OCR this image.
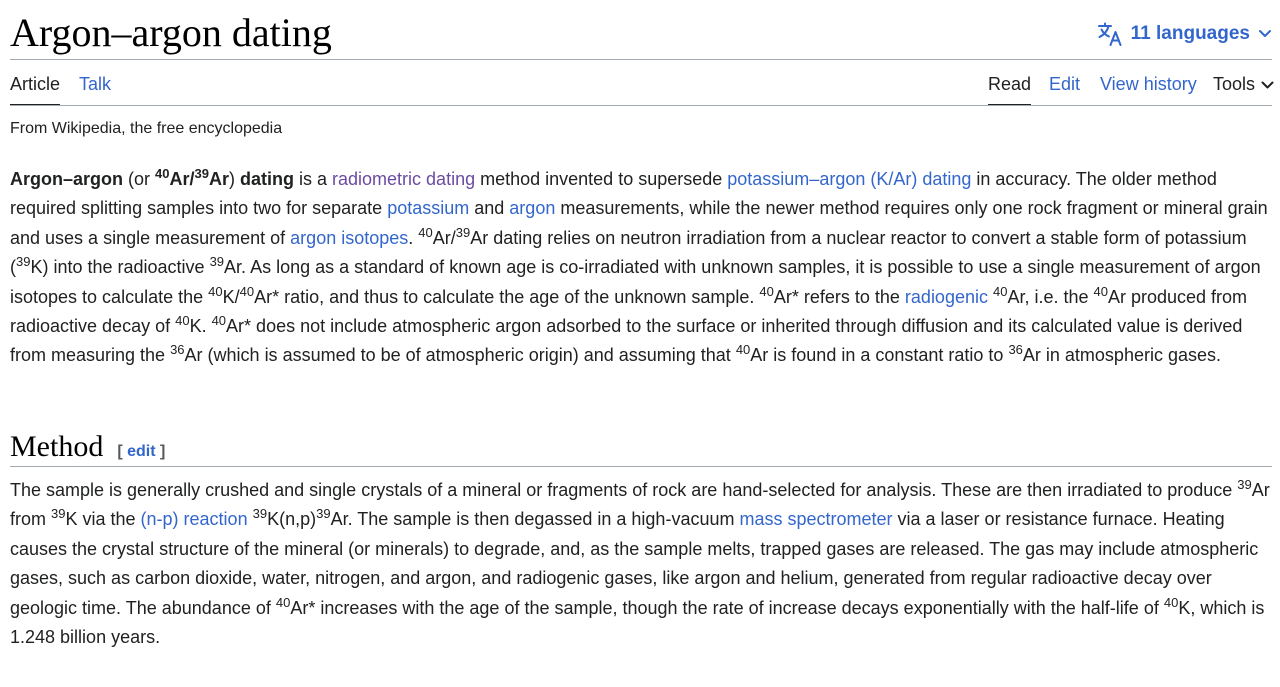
Argon–argon dating	11 languages
Article Talk	Read Edit View history Tools
From Wikipedia, the free encyclopedia

Argon–argon (or $^{40}$Ar/$^{39}$Ar) dating is a radiometric dating method invented to supersede potassium–argon (K/Ar) dating in accuracy. The older method required splitting samples into two for separate potassium and argon measurements, while the newer method requires only one rock fragment or mineral grain and uses a single measurement of argon isotopes. $^{40}$Ar/$^{39}$Ar dating relies on neutron irradiation from a nuclear reactor to convert a stable form of potassium ($^{39}$K) into the radioactive $^{39}$Ar. As long as a standard of known age is co-irradiated with unknown samples, it is possible to use a single measurement of argon isotopes to calculate the $^{40}$K/$^{40}$Ar* ratio, and thus to calculate the age of the unknown sample. $^{40}$Ar* refers to the radiogenic $^{40}$Ar, i.e. the $^{40}$Ar produced from radioactive decay of $^{40}$K. $^{40}$Ar* does not include atmospheric argon adsorbed to the surface or inherited through diffusion and its calculated value is derived from measuring the $^{36}$Ar (which is assumed to be of atmospheric origin) and assuming that $^{40}$Ar is found in a constant ratio to $^{36}$Ar in atmospheric gases.

Method [ edit ]

The sample is generally crushed and single crystals of a mineral or fragments of rock are hand-selected for analysis. These are then irradiated to produce $^{39}$Ar from $^{39}$K via the (n-p) reaction $^{39}K(n,p)^{39}Ar$. The sample is then degassed in a high-vacuum mass spectrometer via a laser or resistance furnace. Heating causes the crystal structure of the mineral (or minerals) to degrade, and, as the sample melts, trapped gases are released. The gas may include atmospheric gases, such as carbon dioxide, water, nitrogen, and argon, and radiogenic gases, like argon and helium, generated from regular radioactive decay over geologic time. The abundance of $^{40}$Ar* increases with the age of the sample, though the rate of increase decays exponentially with the half-life of $^{40}$K, which is 1.248 billion years.
